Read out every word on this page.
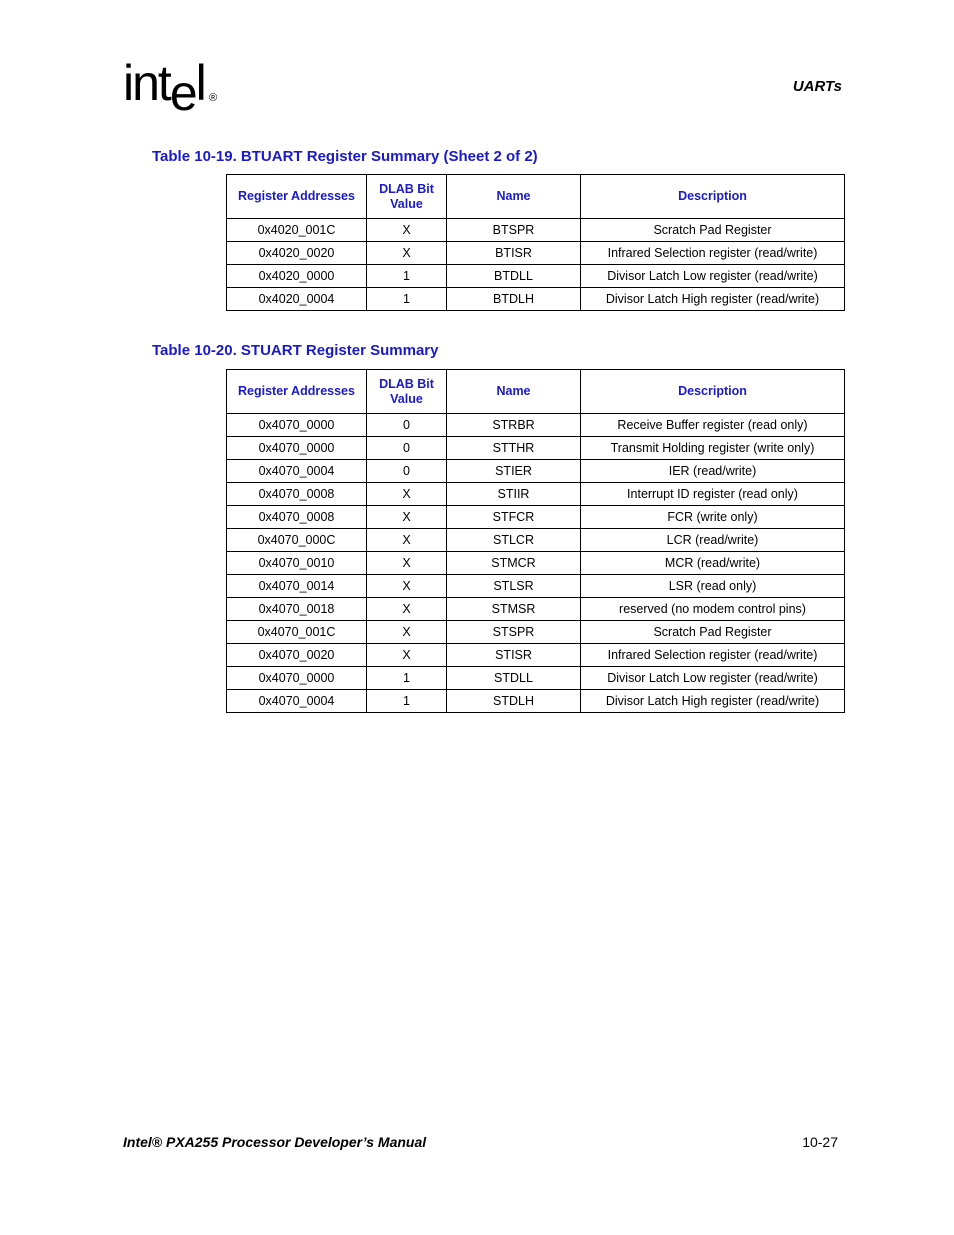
intel ®
UARTs
Table 10-19. BTUART Register Summary (Sheet 2 of 2)
Register Addresses	DLAB Bit Value	Name	Description
0x4020_001C	X	BTSPR	Scratch Pad Register
0x4020_0020	X	BTISR	Infrared Selection register (read/write)
0x4020_0000	1	BTDLL	Divisor Latch Low register (read/write)
0x4020_0004	1	BTDLH	Divisor Latch High register (read/write)
Table 10-20. STUART Register Summary
Register Addresses	DLAB Bit Value	Name	Description
0x4070_0000	0	STRBR	Receive Buffer register (read only)
0x4070_0000	0	STTHR	Transmit Holding register (write only)
0x4070_0004	0	STIER	IER (read/write)
0x4070_0008	X	STIIR	Interrupt ID register (read only)
0x4070_0008	X	STFCR	FCR (write only)
0x4070_000C	X	STLCR	LCR (read/write)
0x4070_0010	X	STMCR	MCR (read/write)
0x4070_0014	X	STLSR	LSR (read only)
0x4070_0018	X	STMSR	reserved (no modem control pins)
0x4070_001C	X	STSPR	Scratch Pad Register
0x4070_0020	X	STISR	Infrared Selection register (read/write)
0x4070_0000	1	STDLL	Divisor Latch Low register (read/write)
0x4070_0004	1	STDLH	Divisor Latch High register (read/write)
Intel® PXA255 Processor Developer’s Manual	10-27
